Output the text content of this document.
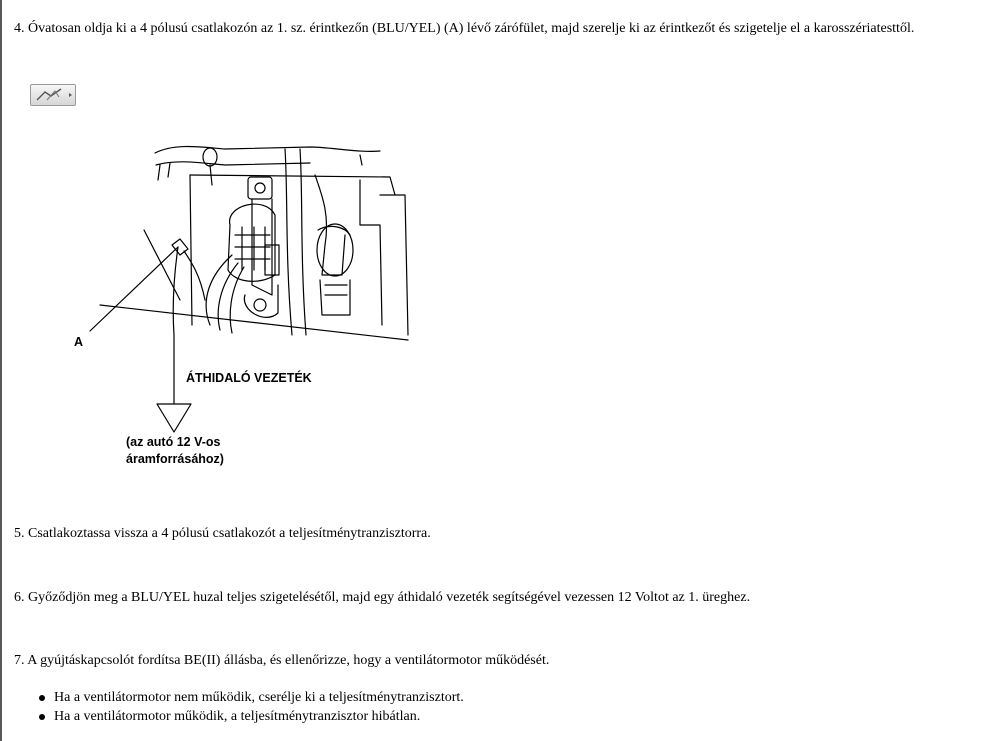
4. Óvatosan oldja ki a 4 pólusú csatlakozón az 1. sz. érintkezőn (BLU/YEL) (A) lévő zárófület, majd szerelje ki az érintkezőt és szigetelje el a karosszériatesttől.
A
ÁTHIDALÓ VEZETÉK
(az autó 12 V-os
áramforrásához)
5. Csatlakoztassa vissza a 4 pólusú csatlakozót a teljesítménytranzisztorra.
6. Győződjön meg a BLU/YEL huzal teljes szigetelésétől, majd egy áthidaló vezeték segítségével vezessen 12 Voltot az 1. üreghez.
7. A gyújtáskapcsolót fordítsa BE(II) állásba, és ellenőrizze, hogy a ventilátormotor működését.
Ha a ventilátormotor nem működik, cserélje ki a teljesítménytranzisztort.
Ha a ventilátormotor működik, a teljesítménytranzisztor hibátlan.
